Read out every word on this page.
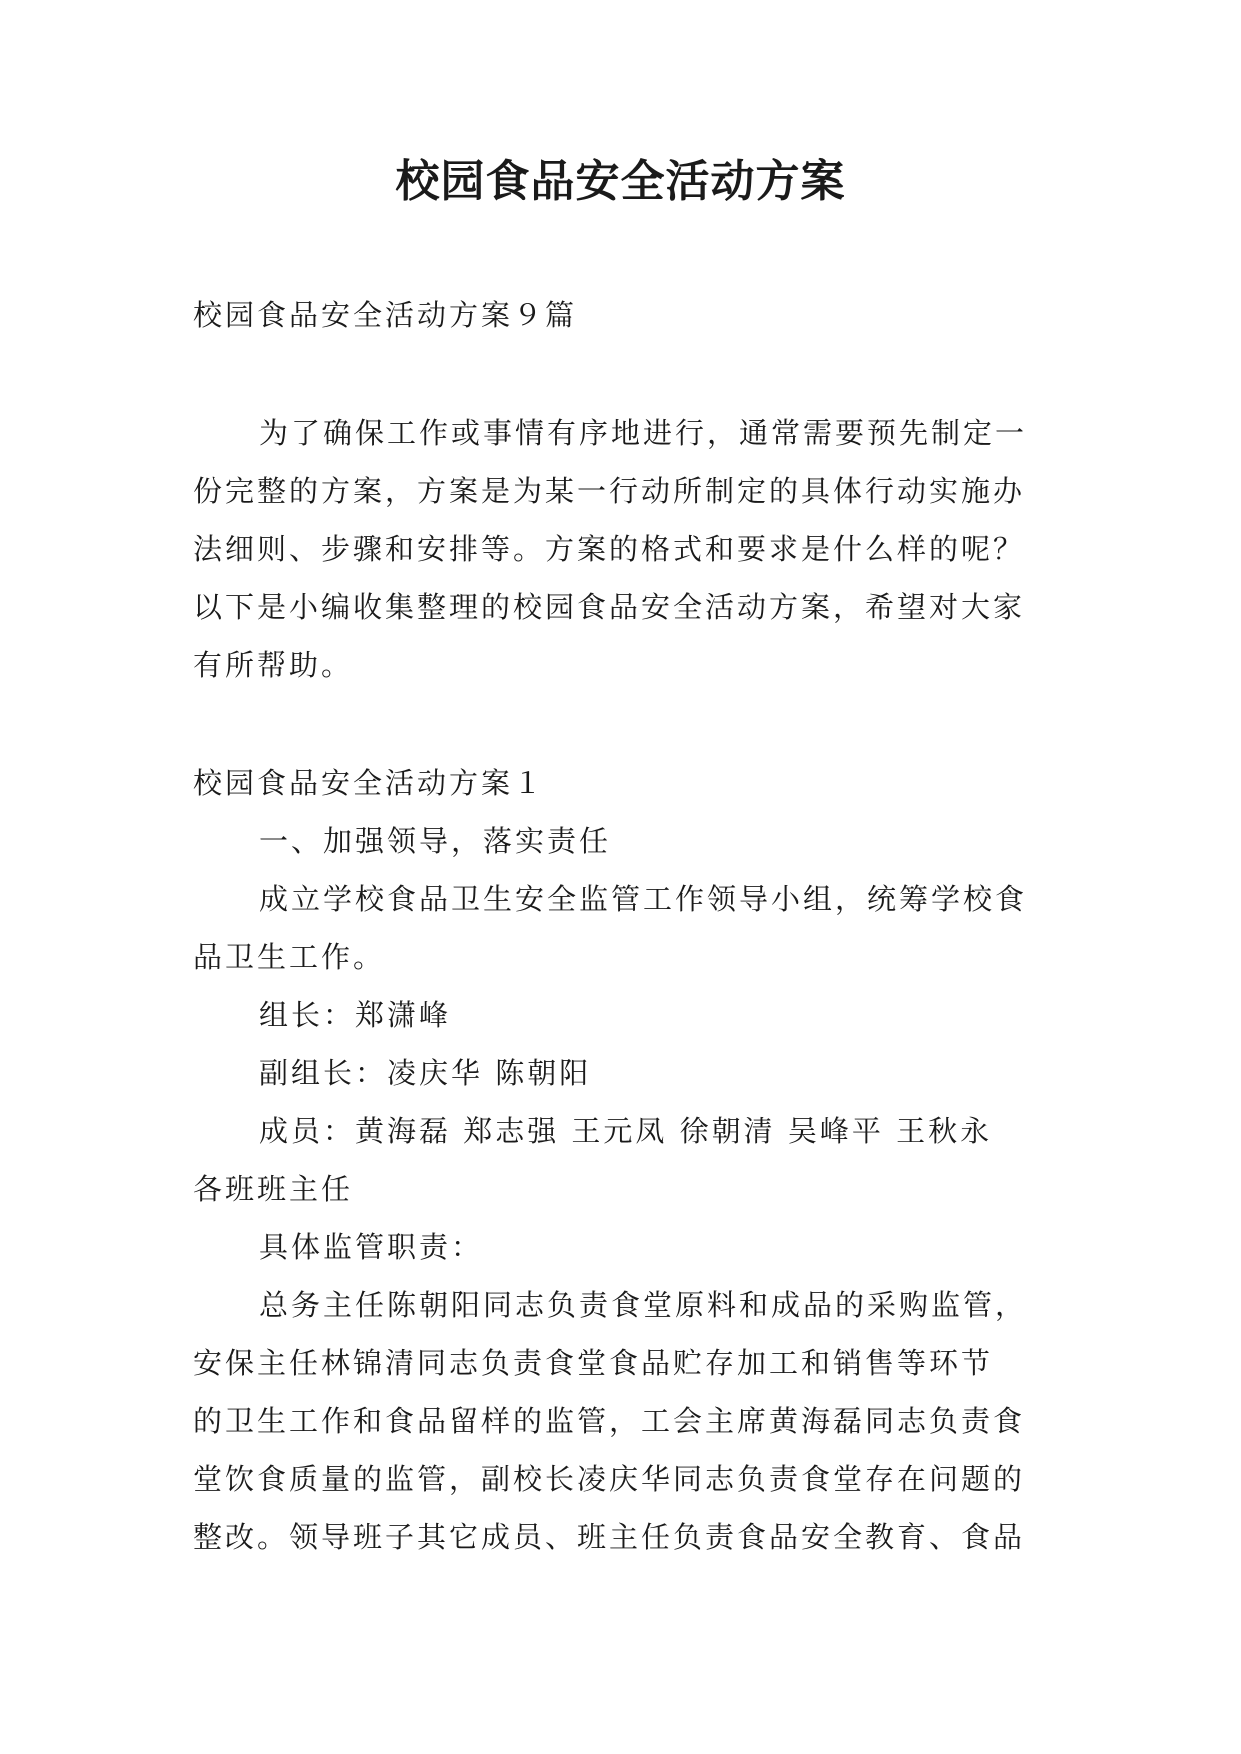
校园食品安全活动方案
校园食品安全活动方案９篇
为了确保工作或事情有序地进行，通常需要预先制定一
份完整的方案，方案是为某一行动所制定的具体行动实施办
法细则、步骤和安排等。方案的格式和要求是什么样的呢？
以下是小编收集整理的校园食品安全活动方案，希望对大家
有所帮助。
校园食品安全活动方案１
一、加强领导，落实责任
成立学校食品卫生安全监管工作领导小组，统筹学校食
品卫生工作。
组长：郑潇峰
副组长：凌庆华 陈朝阳
成员：黄海磊 郑志强 王元凤 徐朝清 吴峰平 王秋永
各班班主任
具体监管职责：
总务主任陈朝阳同志负责食堂原料和成品的采购监管，
安保主任林锦清同志负责食堂食品贮存加工和销售等环节
的卫生工作和食品留样的监管，工会主席黄海磊同志负责食
堂饮食质量的监管，副校长凌庆华同志负责食堂存在问题的
整改。领导班子其它成员、班主任负责食品安全教育、食品
